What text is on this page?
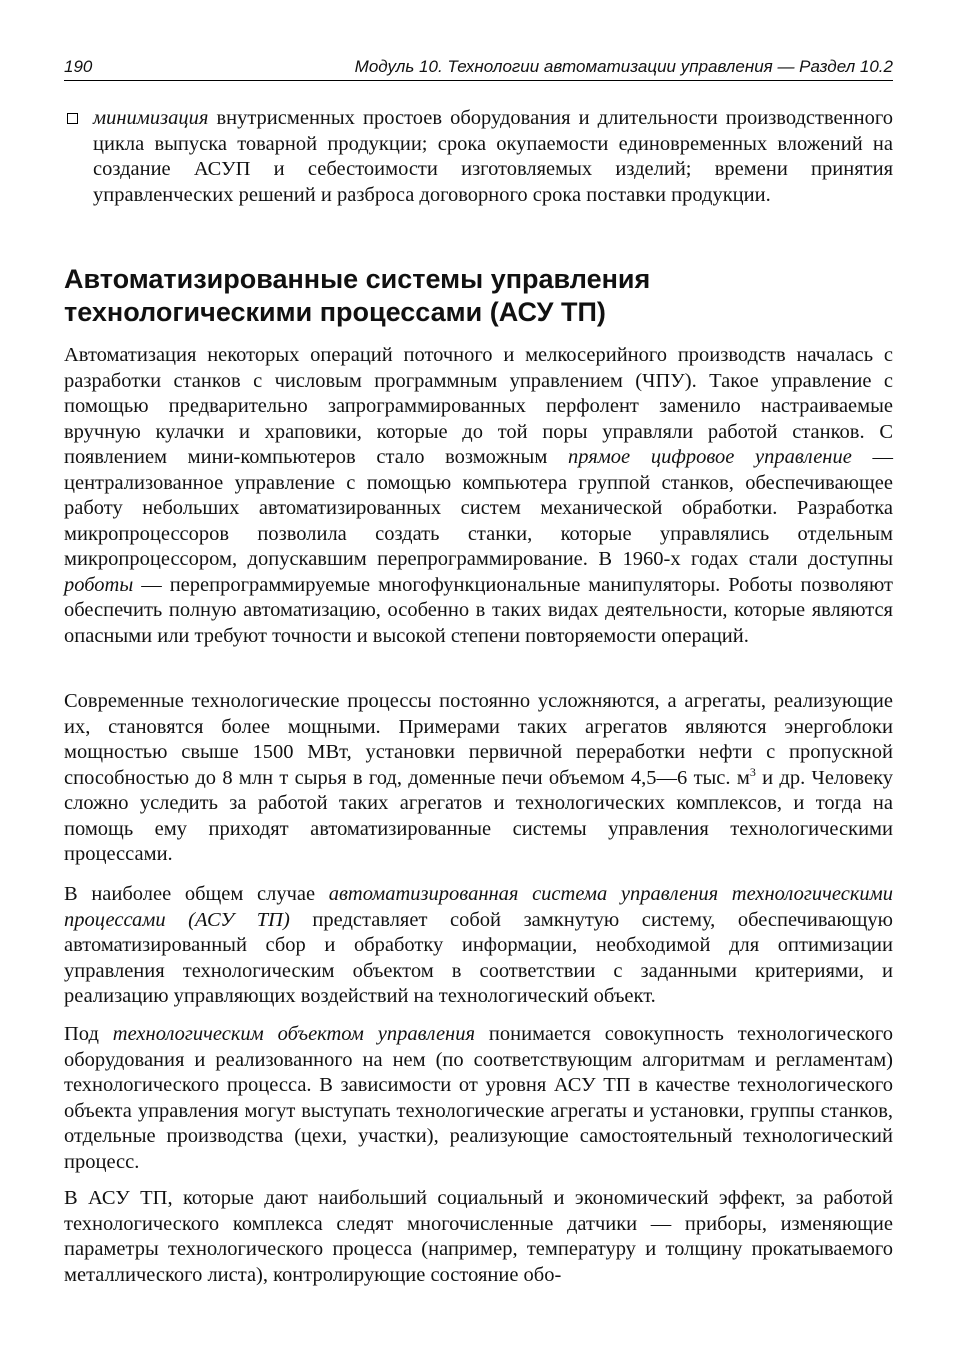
190	Модуль 10. Технологии автоматизации управления — Раздел 10.2

минимизация внутрисменных простоев оборудования и длительности производственного цикла выпуска товарной продукции; срока окупаемости единовременных вложений на создание АСУП и себестоимости изготовляемых изделий; времени принятия управленческих решений и разброса договорного срока поставки продукции.

Автоматизированные системы управления технологическими процессами (АСУ ТП)

Автоматизация некоторых операций поточного и мелкосерийного производств началась с разработки станков с числовым программным управлением (ЧПУ). Такое управление с помощью предварительно запрограммированных перфолент заменило настраиваемые вручную кулачки и храповики, которые до той поры управляли работой станков. С появлением мини-компьютеров стало возможным прямое цифровое управление — централизованное управление с помощью компьютера группой станков, обеспечивающее работу небольших автоматизированных систем механической обработки. Разработка микропроцессоров позволила создать станки, которые управлялись отдельным микропроцессором, допускавшим перепрограммирование. В 1960-х годах стали доступны роботы — перепрограммируемые многофункциональные манипуляторы. Роботы позволяют обеспечить полную автоматизацию, особенно в таких видах деятельности, которые являются опасными или требуют точности и высокой степени повторяемости операций.

Современные технологические процессы постоянно усложняются, а агрегаты, реализующие их, становятся более мощными. Примерами таких агрегатов являются энергоблоки мощностью свыше 1500 МВт, установки первичной переработки нефти с пропускной способностью до 8 млн т сырья в год, доменные печи объемом 4,5—6 тыс. $м^3$ и др. Человеку сложно уследить за работой таких агрегатов и технологических комплексов, и тогда на помощь ему приходят автоматизированные системы управления технологическими процессами.

В наиболее общем случае автоматизированная система управления технологическими процессами (АСУ ТП) представляет собой замкнутую систему, обеспечивающую автоматизированный сбор и обработку информации, необходимой для оптимизации управления технологическим объектом в соответствии с заданными критериями, и реализацию управляющих воздействий на технологический объект.

Под технологическим объектом управления понимается совокупность технологического оборудования и реализованного на нем (по соответствующим алгоритмам и регламентам) технологического процесса. В зависимости от уровня АСУ ТП в качестве технологического объекта управления могут выступать технологические агрегаты и установки, группы станков, отдельные производства (цехи, участки), реализующие самостоятельный технологический процесс.

В АСУ ТП, которые дают наибольший социальный и экономический эффект, за работой технологического комплекса следят многочисленные датчики — приборы, изменяющие параметры технологического процесса (например, температуру и толщину прокатываемого металлического листа), контролирующие состояние обо-
